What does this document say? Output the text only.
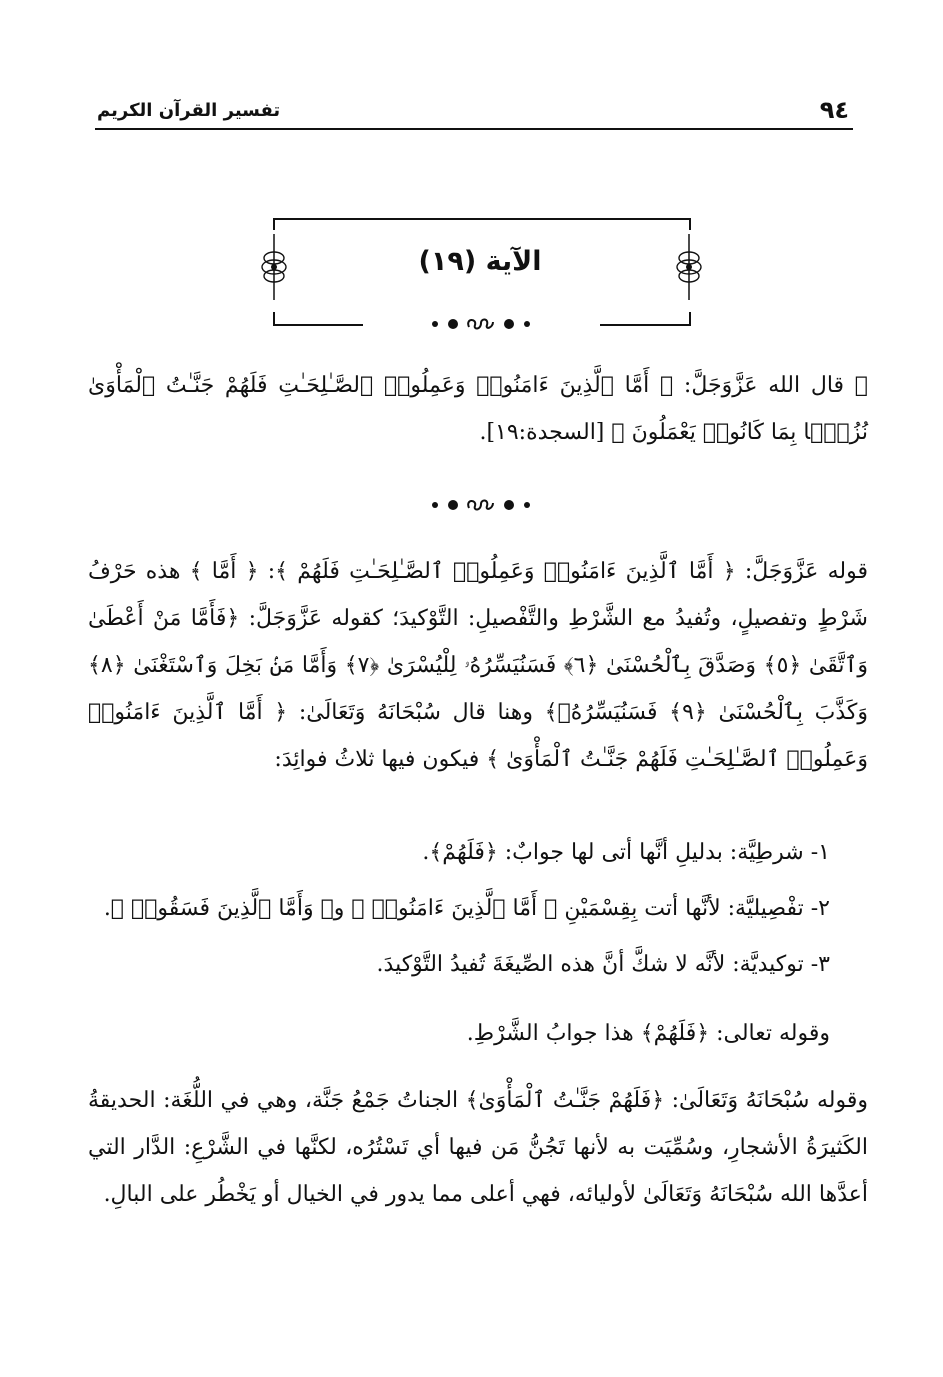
٩٤
تفسير القرآن الكريم
الآية (١٩)
ﷺ قال الله عَزَّوَجَلَّ: ﴿ أَمَّا ٱلَّذِينَ ءَامَنُوا۟ وَعَمِلُوا۟ ٱلصَّـٰلِحَـٰتِ فَلَهُمْ جَنَّـٰتُ ٱلْمَأْوَىٰ نُزُلًۢا بِمَا كَانُوا۟ يَعْمَلُونَ ﴾ [السجدة:١٩].
قوله عَزَّوَجَلَّ: ﴿ أَمَّا ٱلَّذِينَ ءَامَنُوا۟ وَعَمِلُوا۟ ٱلصَّـٰلِحَـٰتِ فَلَهُمْ ﴾: ﴿ أَمَّا ﴾ هذه حَرْفُ شَرْطٍ وتفصيلٍ، وتُفيدُ مع الشَّرْطِ والتَّفْصيلِ: التَّوْكيدَ؛ كقوله عَزَّوَجَلَّ: ﴿فَأَمَّا مَنْ أَعْطَىٰ وَٱتَّقَىٰ ﴿٥﴾ وَصَدَّقَ بِٱلْحُسْنَىٰ ﴿٦﴾ فَسَنُيَسِّرُهُۥ لِلْيُسْرَىٰ ﴿٧﴾ وَأَمَّا مَنۢ بَخِلَ وَٱسْتَغْنَىٰ ﴿٨﴾ وَكَذَّبَ بِٱلْحُسْنَىٰ ﴿٩﴾ فَسَنُيَسِّرُهُۥ﴾ وهنا قال سُبْحَانَهُ وَتَعَالَىٰ: ﴿ أَمَّا ٱلَّذِينَ ءَامَنُوا۟ وَعَمِلُوا۟ ٱلصَّـٰلِحَـٰتِ فَلَهُمْ جَنَّـٰتُ ٱلْمَأْوَىٰ ﴾ فيكون فيها ثلاثُ فوائِدَ:
١- شرطِيَّة: بدليلِ أنَّها أتى لها جوابٌ: ﴿فَلَهُمْ﴾.
٢- تفْصِيليَّة: لأنَّها أتت بِقِسْمَيْنِ ﴿ أَمَّا ٱلَّذِينَ ءَامَنُوا۟ ﴾ و﴿ وَأَمَّا ٱلَّذِينَ فَسَقُوا۟ ﴾.
٣- توكيديَّة: لأنَّه لا شكَّ أنَّ هذه الصِّيغَةَ تُفيدُ التَّوْكيدَ.
وقوله تعالى: ﴿فَلَهُمْ﴾ هذا جوابُ الشَّرْطِ.
وقوله سُبْحَانَهُ وَتَعَالَىٰ: ﴿فَلَهُمْ جَنَّـٰتُ ٱلْمَأْوَىٰ﴾ الجناتُ جَمْعُ جَنَّة، وهي في اللُّغَة: الحديقةُ الكَثيرَةُ الأشجارِ، وسُمِّيَت به لأنها تَجُنُّ مَن فيها أي تَسْتُرُه، لكنَّها في الشَّرْعِ: الدَّار التي أعدَّها الله سُبْحَانَهُ وَتَعَالَىٰ لأوليائه، فهي أعلى مما يدور في الخيال أو يَخْطُر على البالِ.
